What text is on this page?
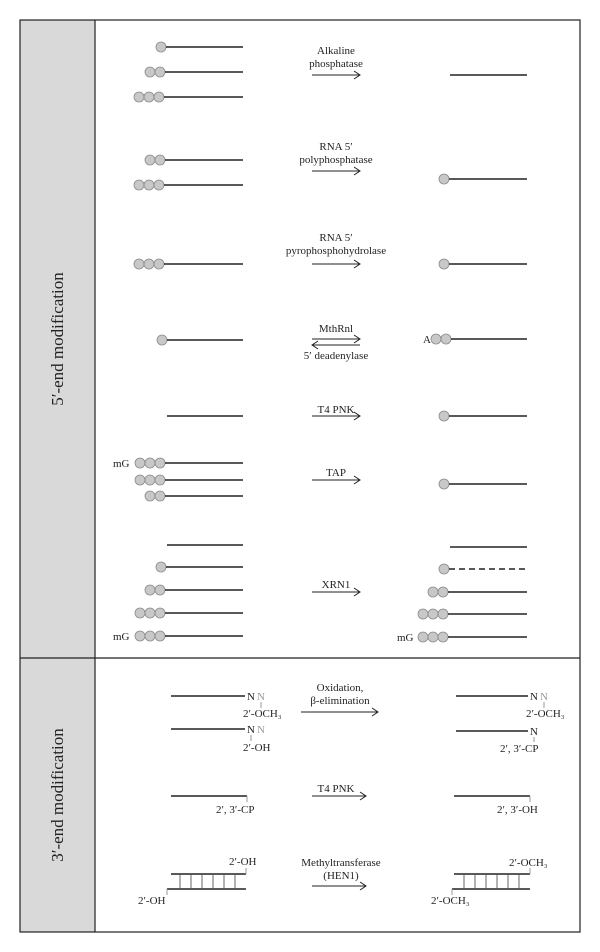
5′-end modification
3′-end modification
Alkaline
phosphatase
RNA 5′
polyphosphatase
RNA 5′
pyrophosphohydrolase
MthRnl
5′ deadenylase
A
T4 PNK
mG
TAP
mG
XRN1
mG
N N
2′-OCH₃
N N
2′-OH
Oxidation,
β-elimination	N N
2′-OCH₃
N
2′, 3′-CP
2′, 3′-CP
T4 PNK
2′, 3′-OH
2′-OH
2′-OH
Methyltransferase
(HEN1)
2′-OCH₃
2′-OCH₃
